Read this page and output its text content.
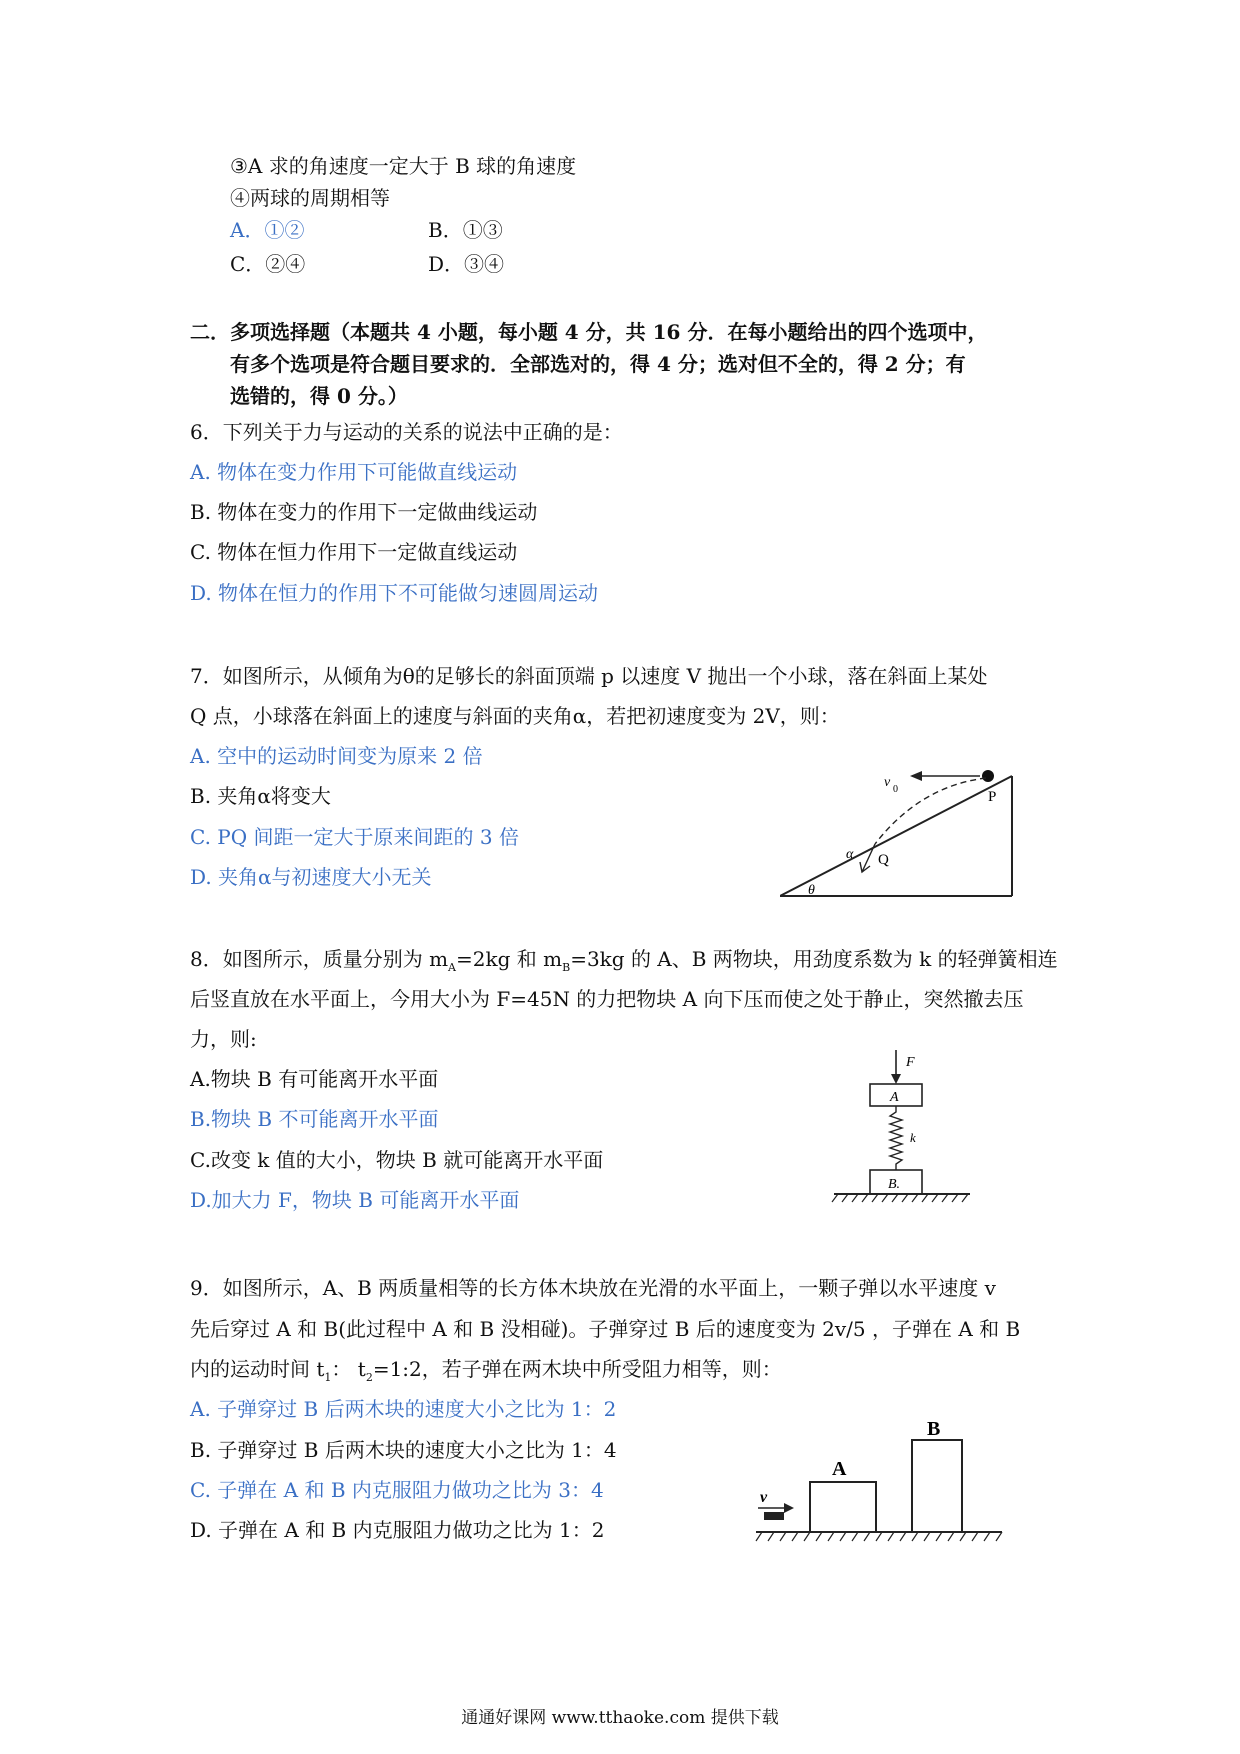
③A 求的角速度一定大于 B 球的角速度
④两球的周期相等
A．①②	B．①③
C．②④	D．③④
二．多项选择题（本题共 4 小题，每小题 4 分，共 16 分．在每小题给出的四个选项中，
有多个选项是符合题目要求的．全部选对的，得 4 分；选对但不全的，得 2 分；有
选错的，得 0 分。）
6．下列关于力与运动的关系的说法中正确的是：
A. 物体在变力作用下可能做直线运动
B. 物体在变力的作用下一定做曲线运动
C. 物体在恒力作用下一定做直线运动
D. 物体在恒力的作用下不可能做匀速圆周运动
7．如图所示，从倾角为θ的足够长的斜面顶端 p 以速度 V 抛出一个小球，落在斜面上某处
Q 点，小球落在斜面上的速度与斜面的夹角α，若把初速度变为 2V，则：
A. 空中的运动时间变为原来 2 倍
B. 夹角α将变大
C. PQ 间距一定大于原来间距的 3 倍
D. 夹角α与初速度大小无关
v 0	P
α Q
θ
8．如图所示，质量分别为 $m_A=2kg$ 和 $m_B=3kg$ 的 A、B 两物块，用劲度系数为 k 的轻弹簧相连
后竖直放在水平面上，今用大小为 F=45N 的力把物块 A 向下压而使之处于静止，突然撤去压
力，则:
A.物块 B 有可能离开水平面
B.物块 B 不可能离开水平面
C.改变 k 值的大小，物块 B 就可能离开水平面
D.加大力 F，物块 B 可能离开水平面
F
A
k
B.
9．如图所示，A、B 两质量相等的长方体木块放在光滑的水平面上，一颗子弹以水平速度 v
先后穿过 A 和 B(此过程中 A 和 B 没相碰)。子弹穿过 B 后的速度变为 2v/5 ，子弹在 A 和 B
内的运动时间 $t_1$： $t_2=1:2$，若子弹在两木块中所受阻力相等，则：
A. 子弹穿过 B 后两木块的速度大小之比为 1：2
B. 子弹穿过 B 后两木块的速度大小之比为 1：4
C. 子弹在 A 和 B 内克服阻力做功之比为 3：4
D. 子弹在 A 和 B 内克服阻力做功之比为 1：2
v
A
B
通通好课网 www.tthaoke.com 提供下载
